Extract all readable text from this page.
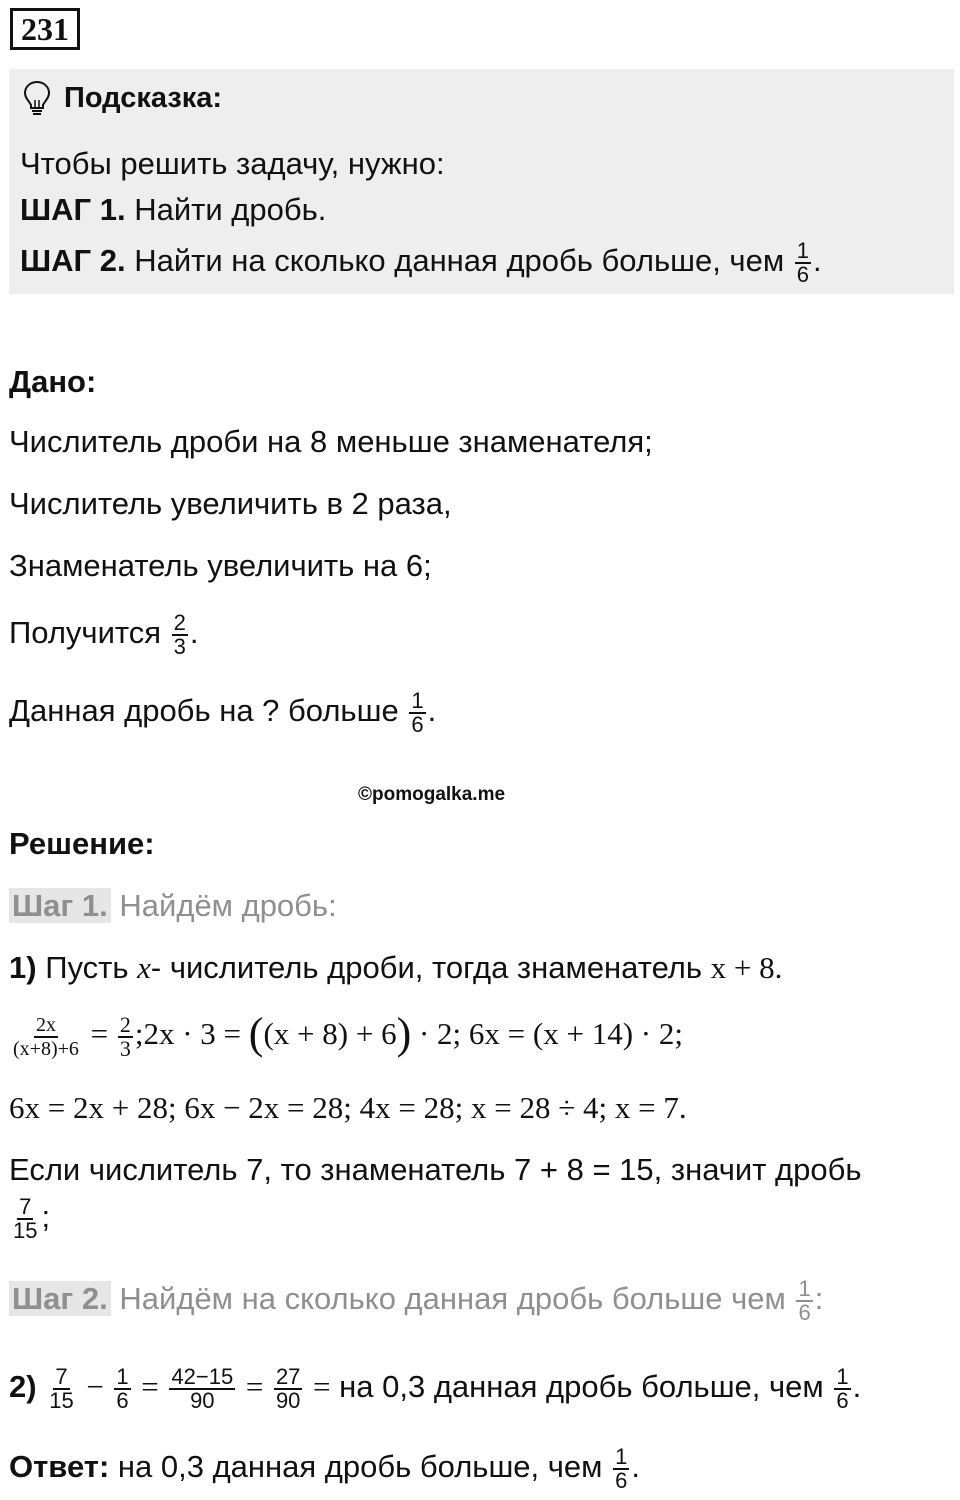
231
Подсказка:
Чтобы решить задачу, нужно:
ШАГ 1. Найти дробь.
ШАГ 2. Найти на сколько данная дробь больше, чем $\frac{1}{6}$ .
Дано:
Числитель дроби на 8 меньше знаменателя;
Числитель увеличить в 2 раза,
Знаменатель увеличить на 6;
Получится $\frac{2}{3}$ .
Данная дробь на ? больше $\frac{1}{6}$ .
©pomogalka.me
Решение:
Шаг 1. Найдём дробь:
1) Пусть x- числитель дроби, тогда знаменатель x + 8.
$\frac{2x}{(x+8)+6} = \frac{2}{3}$ ;2x · 3 = ((x + 8) + 6) · 2; 6x = (x + 14) · 2;
6x = 2x + 28; 6x − 2x = 28; 4x = 28; x = 28 ÷ 4; x = 7.
Если числитель 7, то знаменатель 7 + 8 = 15, значит дробь
$\frac{7}{15}$ ;
Шаг 2. Найдём на сколько данная дробь больше чем $\frac{1}{6}$ :
$2) \frac{7}{15} - \frac{1}{6} = \frac{42-15}{90} = \frac{27}{90}$ = на 0,3 данная дробь больше, чем $\frac{1}{6}$ .
Ответ: на 0,3 данная дробь больше, чем $\frac{1}{6}$ .
